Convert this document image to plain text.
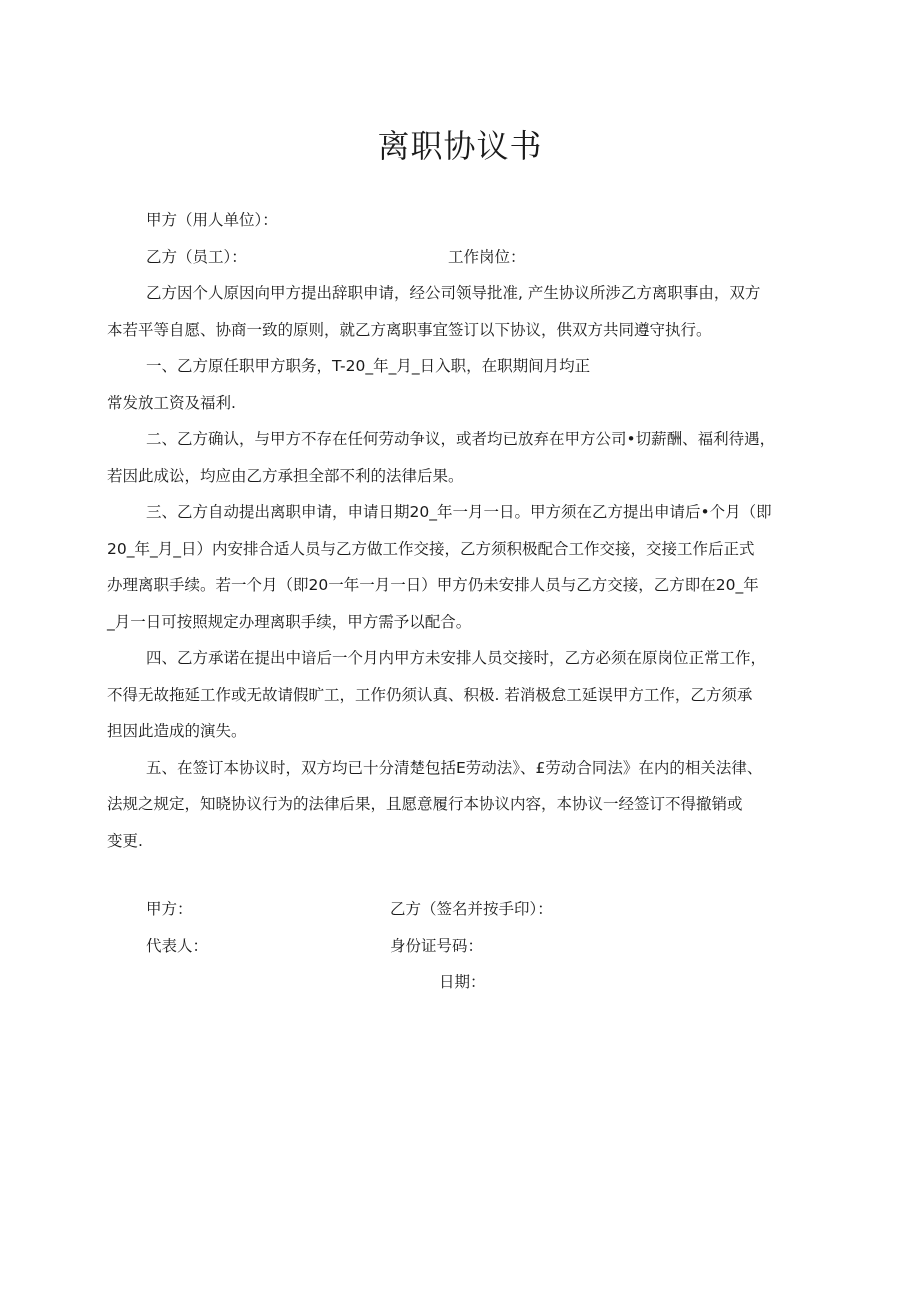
离职协议书
甲方（用人单位）：
乙方（员工）：	工作岗位：
乙方因个人原因向甲方提出辞职申请，经公司领导批准, 产生协议所涉乙方离职事由，双方
本若平等自愿、协商一致的原则，就乙方离职事宜签订以下协议，供双方共同遵守执行。
一、乙方原任职甲方职务，T-20_年_月_日入职，在职期间月均正
常发放工资及福利.
二、乙方确认，与甲方不存在任何劳动争议，或者均已放弃在甲方公司•切薪酬、福利待遇，
若因此成讼，均应由乙方承担全部不利的法律后果。
三、乙方自动提出离职申请，申请日期20_年一月一日。甲方须在乙方提出申请后•个月（即
20_年_月_日）内安排合适人员与乙方做工作交接，乙方须积极配合工作交接，交接工作后正式
办理离职手续。若一个月（即20一年一月一日）甲方仍未安排人员与乙方交接，乙方即在20_年
_月一日可按照规定办理离职手续，甲方需予以配合。
四、乙方承诺在提出中谙后一个月内甲方未安排人员交接时，乙方必须在原岗位正常工作，
不得无故拖延工作或无故请假旷工，工作仍须认真、积极. 若消极怠工延误甲方工作，乙方须承
担因此造成的演失。
五、在签订本协议时，双方均已十分清楚包括E劳动法》、£劳动合同法》在内的相关法律、
法规之规定，知晓协议行为的法律后果，且愿意履行本协议内容，本协议一经签订不得撤销或
变更.
甲方：	乙方（签名并按手印）：
代表人：	身份证号码：
日期：
